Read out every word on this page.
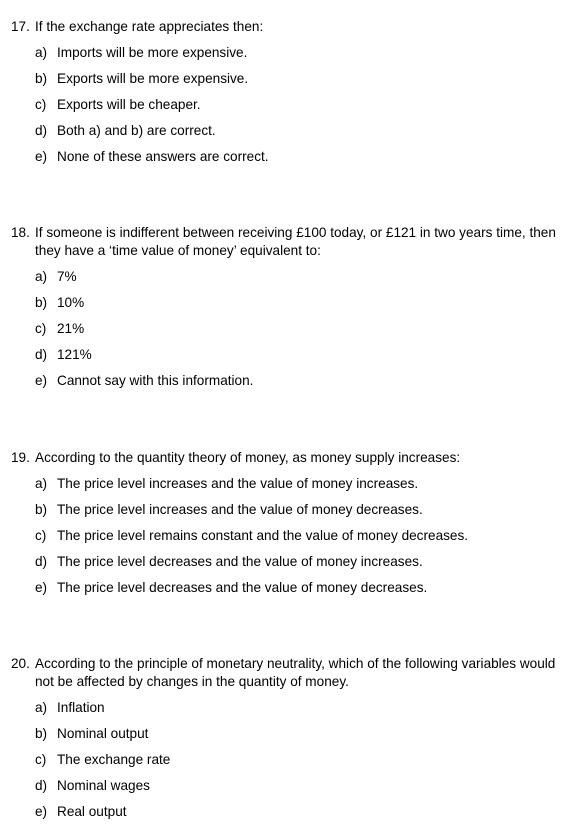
17. If the exchange rate appreciates then:
a) Imports will be more expensive.
b) Exports will be more expensive.
c) Exports will be cheaper.
d) Both a) and b) are correct.
e) None of these answers are correct.
18. If someone is indifferent between receiving £100 today, or £121 in two years time, then they have a ‘time value of money’ equivalent to:
a) 7%
b) 10%
c) 21%
d) 121%
e) Cannot say with this information.
19. According to the quantity theory of money, as money supply increases:
a) The price level increases and the value of money increases.
b) The price level increases and the value of money decreases.
c) The price level remains constant and the value of money decreases.
d) The price level decreases and the value of money increases.
e) The price level decreases and the value of money decreases.
20. According to the principle of monetary neutrality, which of the following variables would not be affected by changes in the quantity of money.
a) Inflation
b) Nominal output
c) The exchange rate
d) Nominal wages
e) Real output
